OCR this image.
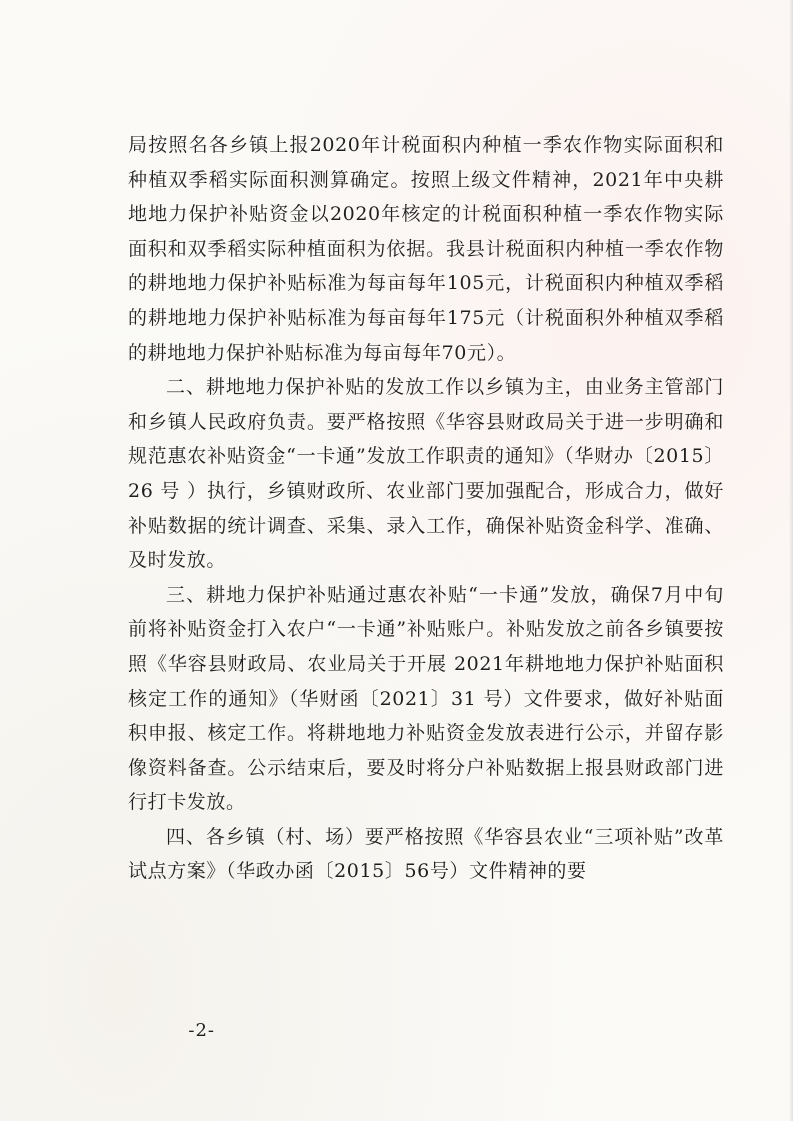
局按照名各乡镇上报2020年计税面积内种植一季农作物实际面积和种植双季稻实际面积测算确定。按照上级文件精神，2021年中央耕地地力保护补贴资金以2020年核定的计税面积种植一季农作物实际面积和双季稻实际种植面积为依据。我县计税面积内种植一季农作物的耕地地力保护补贴标准为每亩每年105元，计税面积内种植双季稻的耕地地力保护补贴标准为每亩每年175元（计税面积外种植双季稻的耕地地力保护补贴标准为每亩每年70元）。

二、耕地地力保护补贴的发放工作以乡镇为主，由业务主管部门和乡镇人民政府负责。要严格按照《华容县财政局关于进一步明确和规范惠农补贴资金“一卡通”发放工作职责的通知》（华财办〔2015〕26 号 ）执行，乡镇财政所、农业部门要加强配合，形成合力，做好补贴数据的统计调查、采集、录入工作，确保补贴资金科学、准确、及时发放。

三、耕地力保护补贴通过惠农补贴“一卡通”发放，确保7月中旬前将补贴资金打入农户“一卡通”补贴账户。补贴发放之前各乡镇要按照《华容县财政局、农业局关于开展 2021年耕地地力保护补贴面积核定工作的通知》（华财函〔2021〕31 号）文件要求，做好补贴面积申报、核定工作。将耕地地力补贴资金发放表进行公示，并留存影像资料备查。公示结束后，要及时将分户补贴数据上报县财政部门进行打卡发放。

四、各乡镇（村、场）要严格按照《华容县农业“三项补贴”改革试点方案》（华政办函〔2015〕56号）文件精神的要

-2-
